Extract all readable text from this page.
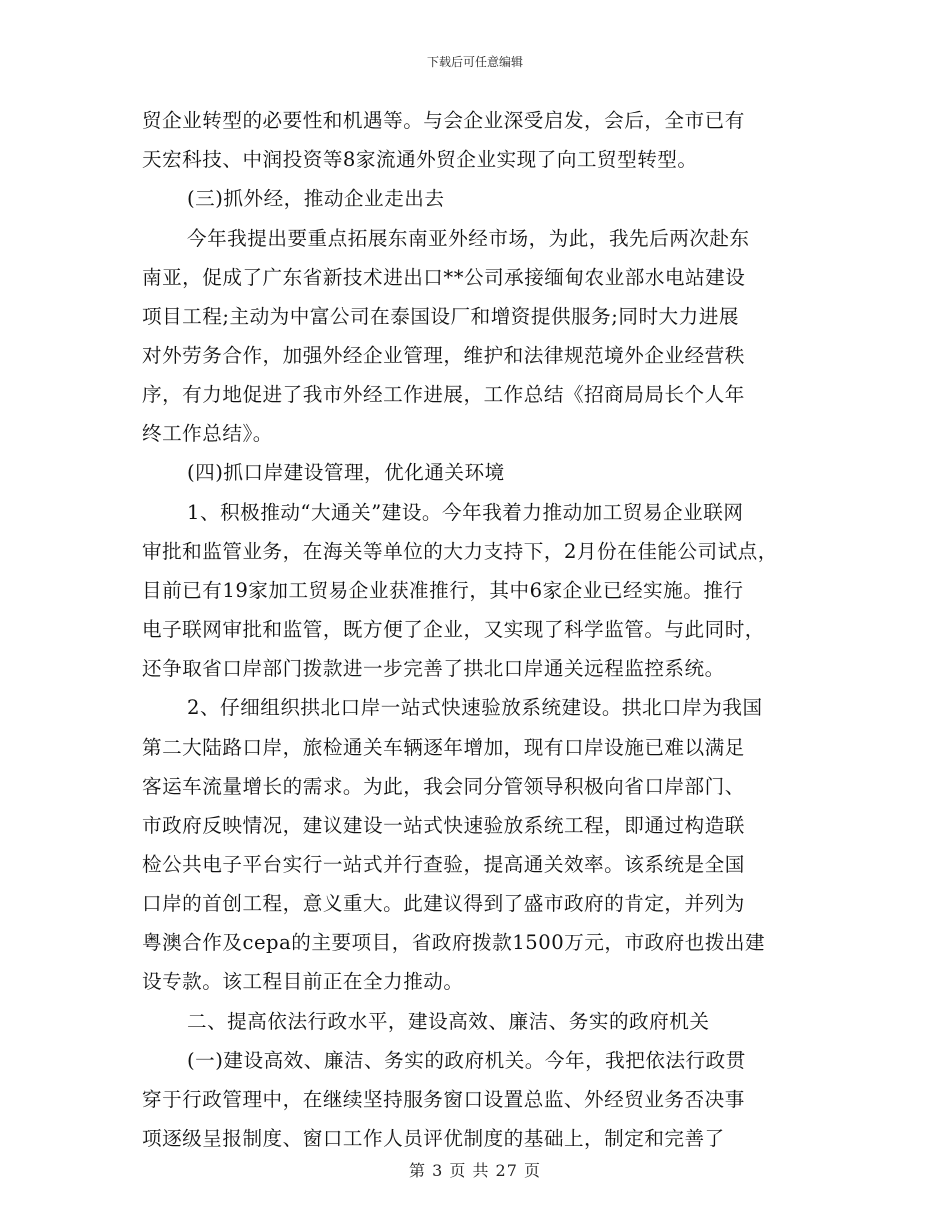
下载后可任意编辑
贸企业转型的必要性和机遇等。与会企业深受启发，会后，全市已有
天宏科技、中润投资等8家流通外贸企业实现了向工贸型转型。
(三)抓外经，推动企业走出去
今年我提出要重点拓展东南亚外经市场，为此，我先后两次赴东
南亚，促成了广东省新技术进出口**公司承接缅甸农业部水电站建设
项目工程;主动为中富公司在泰国设厂和增资提供服务;同时大力进展
对外劳务合作，加强外经企业管理，维护和法律规范境外企业经营秩
序，有力地促进了我市外经工作进展，工作总结《招商局局长个人年
终工作总结》。
(四)抓口岸建设管理，优化通关环境
1、积极推动“大通关”建设。今年我着力推动加工贸易企业联网
审批和监管业务，在海关等单位的大力支持下，2月份在佳能公司试点，
目前已有19家加工贸易企业获准推行，其中6家企业已经实施。推行
电子联网审批和监管，既方便了企业，又实现了科学监管。与此同时，
还争取省口岸部门拨款进一步完善了拱北口岸通关远程监控系统。
2、仔细组织拱北口岸一站式快速验放系统建设。拱北口岸为我国
第二大陆路口岸，旅检通关车辆逐年增加，现有口岸设施已难以满足
客运车流量增长的需求。为此，我会同分管领导积极向省口岸部门、
市政府反映情况，建议建设一站式快速验放系统工程，即通过构造联
检公共电子平台实行一站式并行查验，提高通关效率。该系统是全国
口岸的首创工程，意义重大。此建议得到了盛市政府的肯定，并列为
粤澳合作及cepa的主要项目，省政府拨款1500万元，市政府也拨出建
设专款。该工程目前正在全力推动。
二、提高依法行政水平，建设高效、廉洁、务实的政府机关
(一)建设高效、廉洁、务实的政府机关。今年，我把依法行政贯
穿于行政管理中，在继续坚持服务窗口设置总监、外经贸业务否决事
项逐级呈报制度、窗口工作人员评优制度的基础上，制定和完善了
第 3 页 共 27 页
